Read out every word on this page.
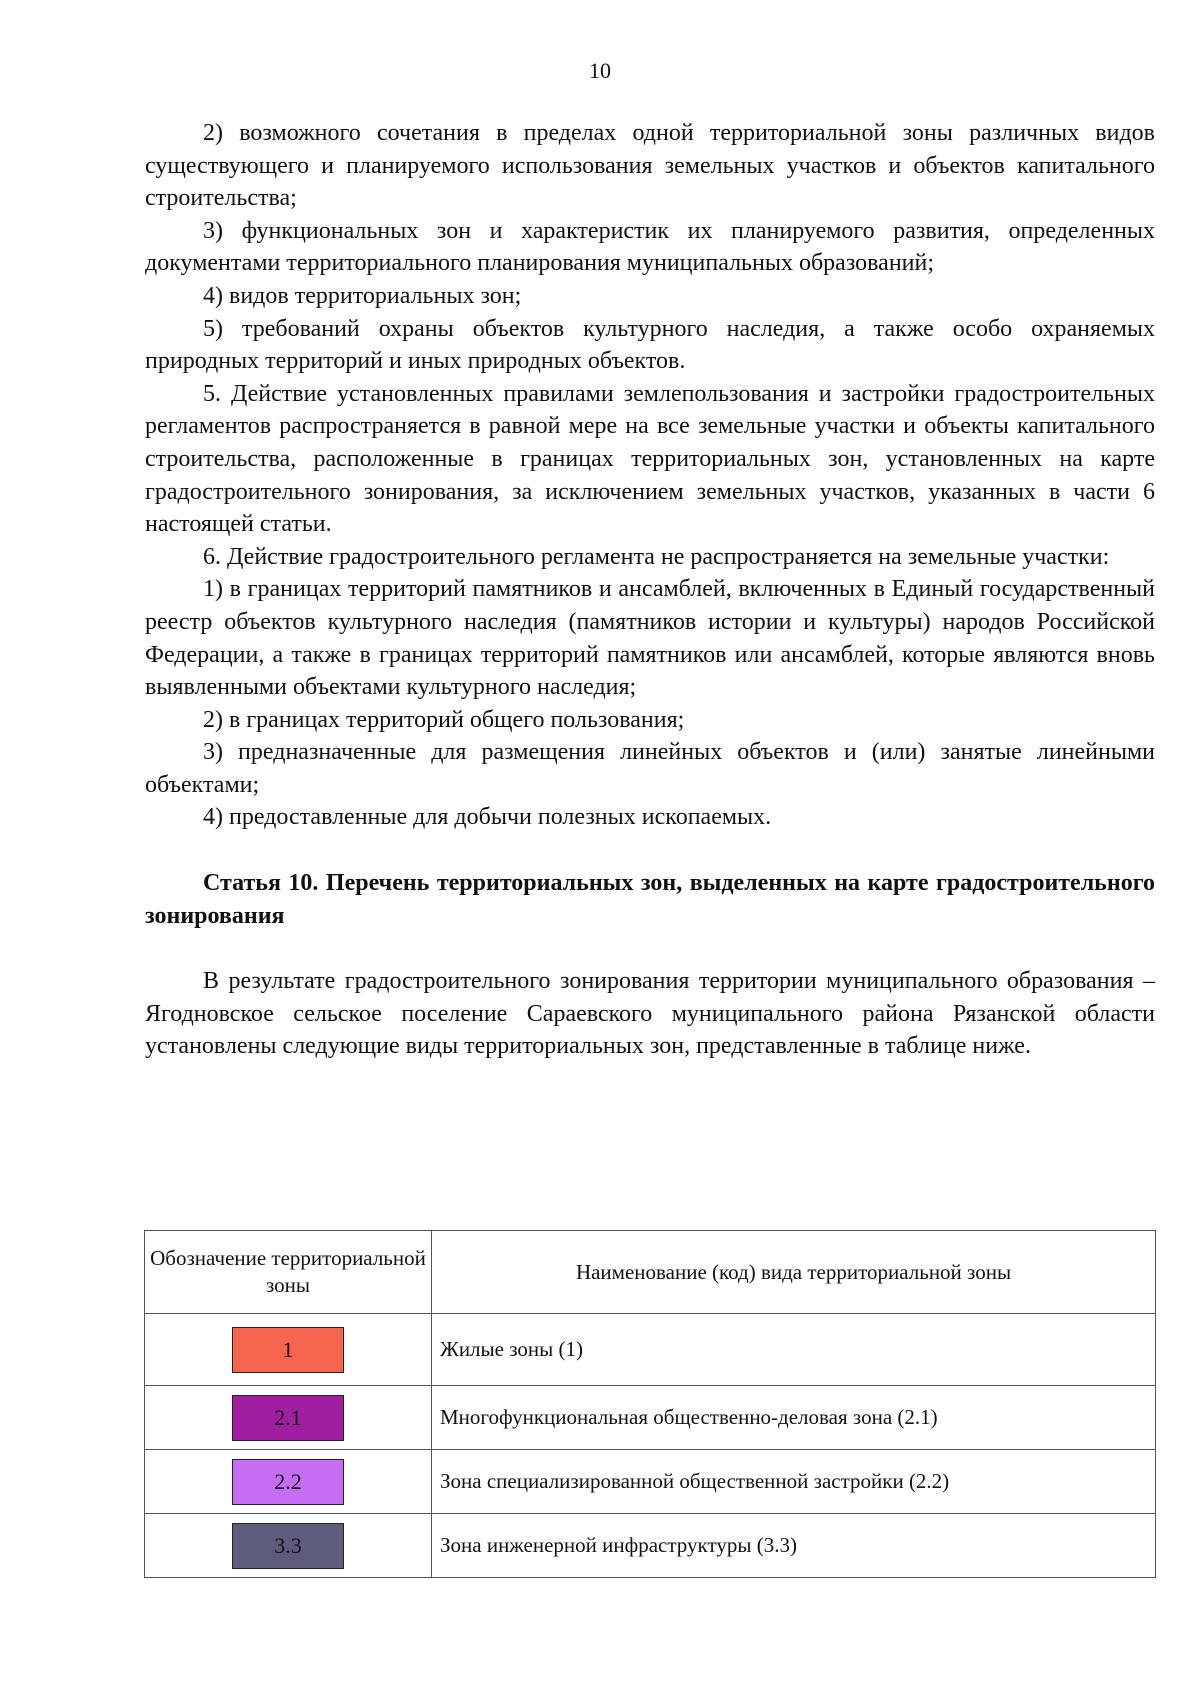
10

2) возможного сочетания в пределах одной территориальной зоны различных видов существующего и планируемого использования земельных участков и объектов капитального строительства;

3) функциональных зон и характеристик их планируемого развития, определенных документами территориального планирования муниципальных образований;

4) видов территориальных зон;

5) требований охраны объектов культурного наследия, а также особо охраняемых природных территорий и иных природных объектов.

5. Действие установленных правилами землепользования и застройки градостроительных регламентов распространяется в равной мере на все земельные участки и объекты капитального строительства, расположенные в границах территориальных зон, установленных на карте градостроительного зонирования, за исключением земельных участков, указанных в части 6 настоящей статьи.

6. Действие градостроительного регламента не распространяется на земельные участки:

1) в границах территорий памятников и ансамблей, включенных в Единый государственный реестр объектов культурного наследия (памятников истории и культуры) народов Российской Федерации, а также в границах территорий памятников или ансамблей, которые являются вновь выявленными объектами культурного наследия;

2) в границах территорий общего пользования;

3) предназначенные для размещения линейных объектов и (или) занятые линейными объектами;

4) предоставленные для добычи полезных ископаемых.

Статья 10. Перечень территориальных зон, выделенных на карте градостроительного зонирования

В результате градостроительного зонирования территории муниципального образования – Ягодновское сельское поселение Сараевского муниципального района Рязанской области установлены следующие виды территориальных зон, представленные в таблице ниже.

Обозначение территориальной зоны	Наименование (код) вида территориальной зоны
1	Жилые зоны (1)
2.1	Многофункциональная общественно-деловая зона (2.1)
2.2	Зона специализированной общественной застройки (2.2)
3.3	Зона инженерной инфраструктуры (3.3)
